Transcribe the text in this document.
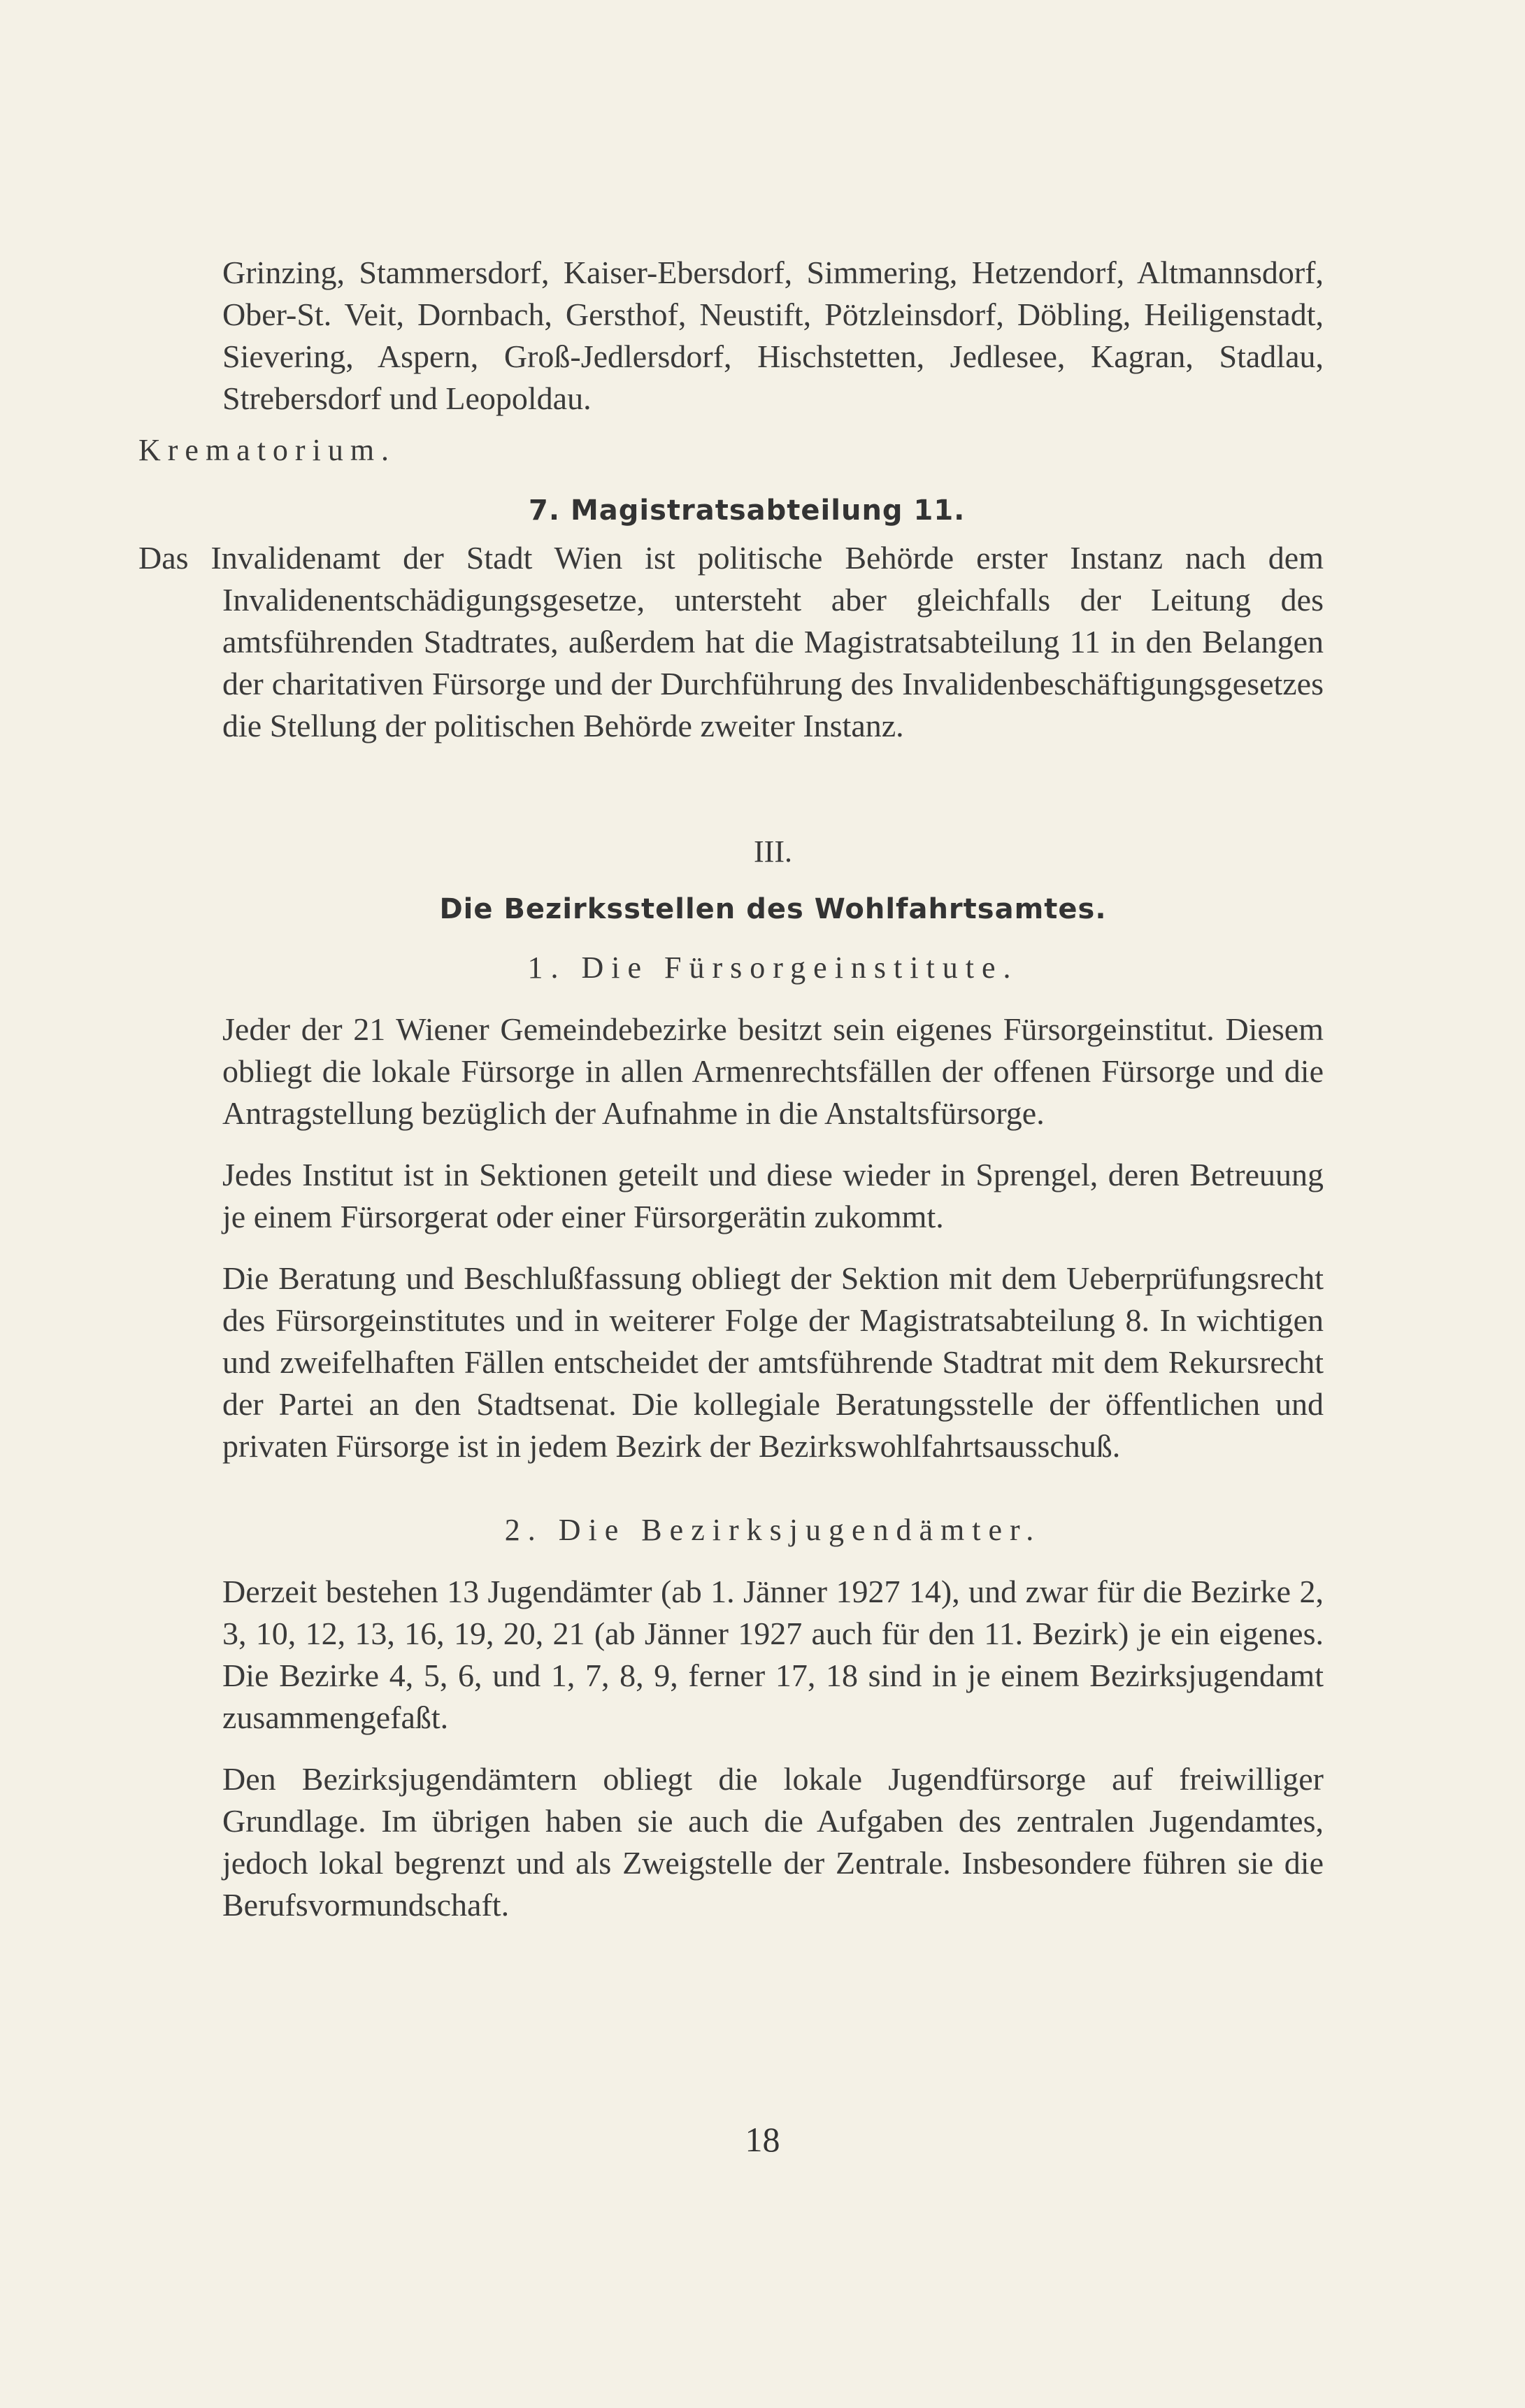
Grinzing, Stammersdorf, Kaiser-Ebersdorf, Simmering, Hetzendorf, Altmannsdorf, Ober-St. Veit, Dornbach, Gersthof, Neustift, Pötzleinsdorf, Döbling, Heiligenstadt, Sievering, Aspern, Groß-Jedlersdorf, Hischstetten, Jedlesee, Kagran, Stadlau, Strebersdorf und Leopoldau.

Krematorium.
7. Magistratsabteilung 11.

Das Invalidenamt der Stadt Wien ist politische Behörde erster Instanz nach dem Invalidenentschädigungsgesetze, untersteht aber gleichfalls der Leitung des amtsführenden Stadtrates, außerdem hat die Magistratsabteilung 11 in den Belangen der charitativen Fürsorge und der Durchführung des Invalidenbeschäftigungsgesetzes die Stellung der politischen Behörde zweiter Instanz.

III.
Die Bezirksstellen des Wohlfahrtsamtes.
1. Die Fürsorgeinstitute.

Jeder der 21 Wiener Gemeindebezirke besitzt sein eigenes Fürsorgeinstitut. Diesem obliegt die lokale Fürsorge in allen Armenrechtsfällen der offenen Fürsorge und die Antragstellung bezüglich der Aufnahme in die Anstaltsfürsorge.

Jedes Institut ist in Sektionen geteilt und diese wieder in Sprengel, deren Betreuung je einem Fürsorgerat oder einer Fürsorgerätin zukommt.

Die Beratung und Beschlußfassung obliegt der Sektion mit dem Ueberprüfungsrecht des Fürsorgeinstitutes und in weiterer Folge der Magistratsabteilung 8. In wichtigen und zweifelhaften Fällen entscheidet der amtsführende Stadtrat mit dem Rekursrecht der Partei an den Stadtsenat. Die kollegiale Beratungsstelle der öffentlichen und privaten Fürsorge ist in jedem Bezirk der Bezirkswohlfahrtsausschuß.

2. Die Bezirksjugendämter.

Derzeit bestehen 13 Jugendämter (ab 1. Jänner 1927 14), und zwar für die Bezirke 2, 3, 10, 12, 13, 16, 19, 20, 21 (ab Jänner 1927 auch für den 11. Bezirk) je ein eigenes. Die Bezirke 4, 5, 6, und 1, 7, 8, 9, ferner 17, 18 sind in je einem Bezirksjugendamt zusammengefaßt.

Den Bezirksjugendämtern obliegt die lokale Jugendfürsorge auf freiwilliger Grundlage. Im übrigen haben sie auch die Aufgaben des zentralen Jugendamtes, jedoch lokal begrenzt und als Zweigstelle der Zentrale. Insbesondere führen sie die Berufsvormundschaft.

18
